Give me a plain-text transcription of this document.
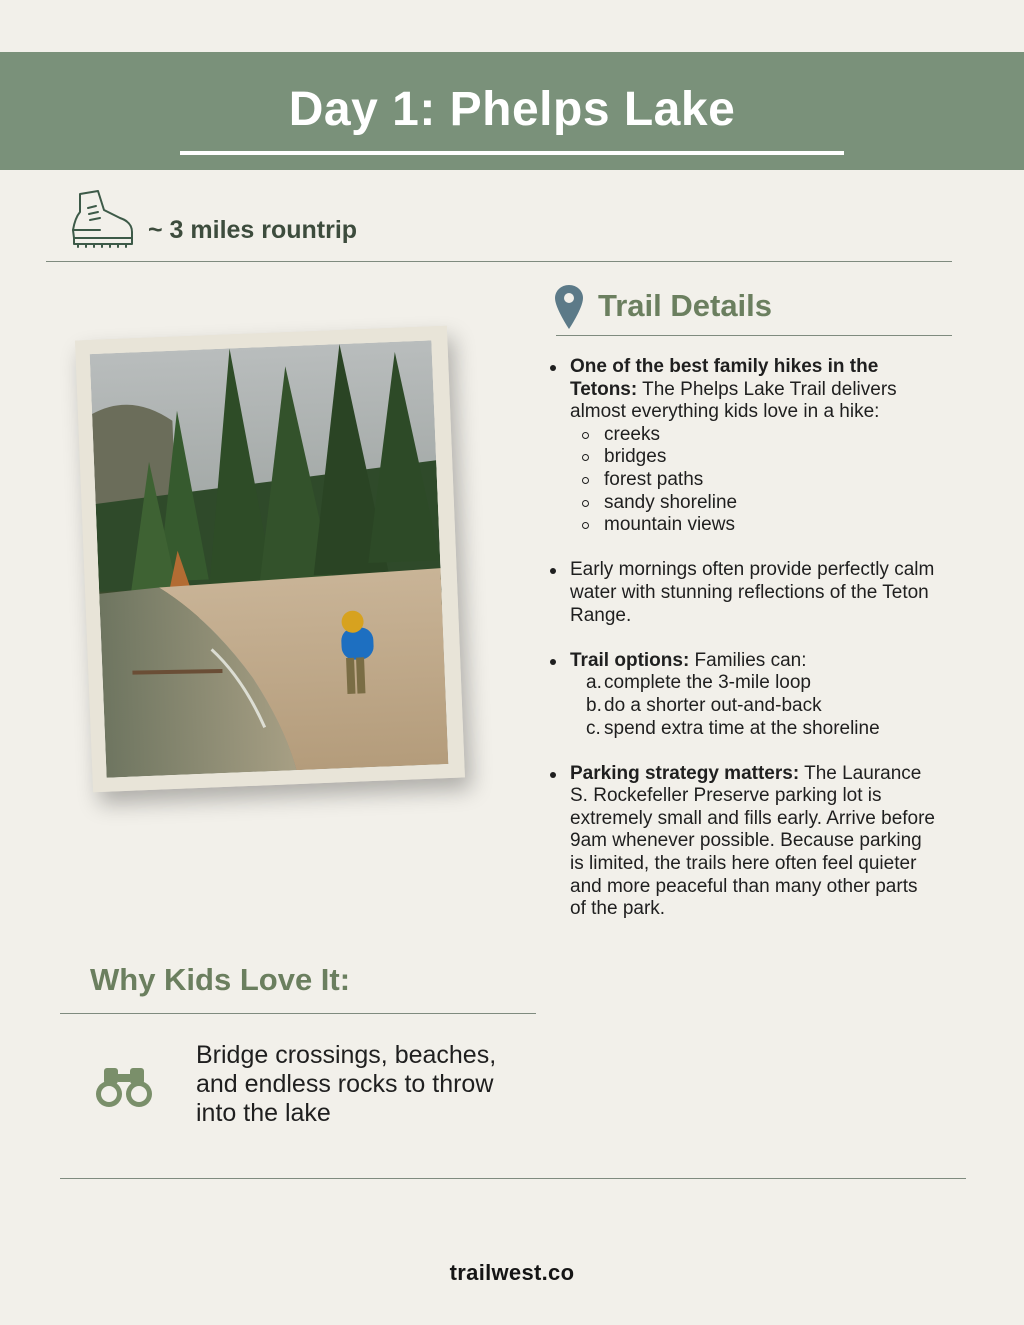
Day 1: Phelps Lake
~ 3 miles rountrip
Trail Details
One of the best family hikes in the Tetons: The Phelps Lake Trail delivers almost everything kids love in a hike:
creeks
bridges
forest paths
sandy shoreline
mountain views
Early mornings often provide perfectly calm water with stunning reflections of the Teton Range.
Trail options: Families can:
a. complete the 3-mile loop
b. do a shorter out-and-back
c. spend extra time at the shoreline
Parking strategy matters: The Laurance S. Rockefeller Preserve parking lot is extremely small and fills early. Arrive before 9am whenever possible. Because parking is limited, the trails here often feel quieter and more peaceful than many other parts of the park.
Why Kids Love It:
Bridge crossings, beaches, and endless rocks to throw into the lake
trailwest.co
